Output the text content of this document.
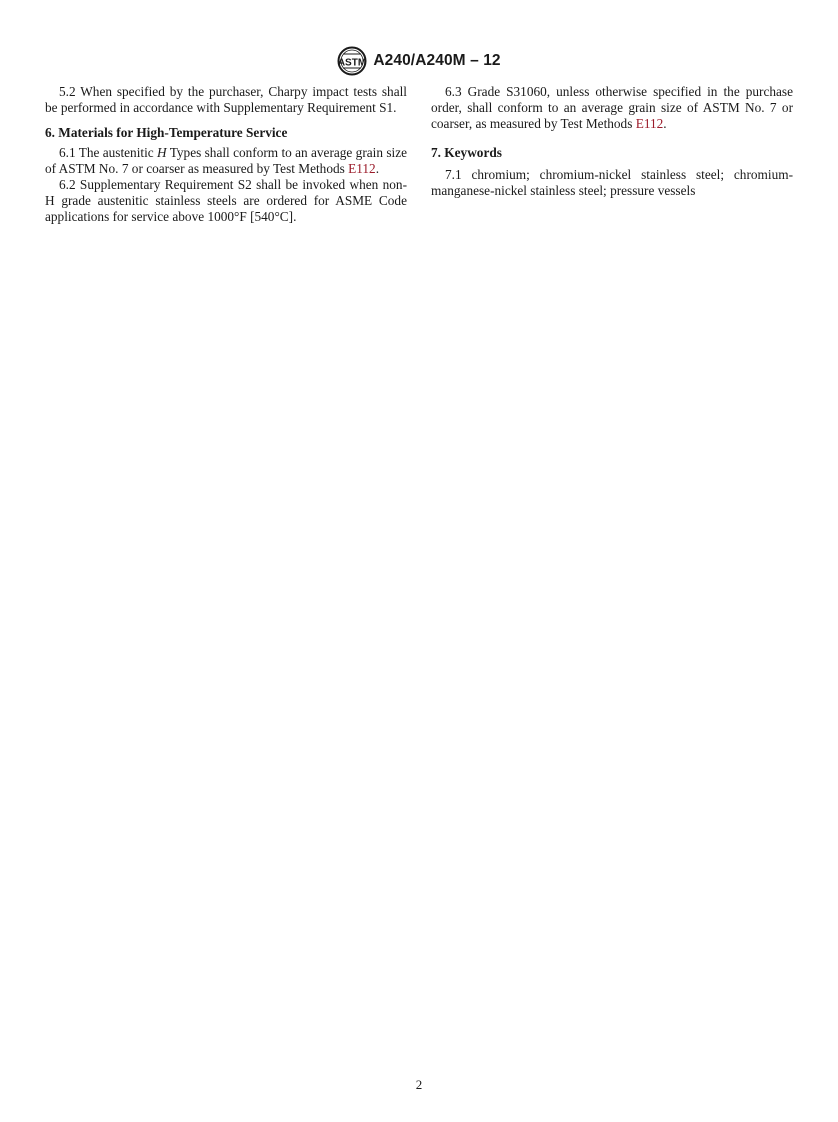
ASTM A240/A240M – 12

5.2 When specified by the purchaser, Charpy impact tests shall be performed in accordance with Supplementary Requirement S1.

6. Materials for High-Temperature Service

6.1 The austenitic H Types shall conform to an average grain size of ASTM No. 7 or coarser as measured by Test Methods E112.

6.2 Supplementary Requirement S2 shall be invoked when non-H grade austenitic stainless steels are ordered for ASME Code applications for service above 1000°F [540°C].

6.3 Grade S31060, unless otherwise specified in the purchase order, shall conform to an average grain size of ASTM No. 7 or coarser, as measured by Test Methods E112.

7. Keywords

7.1 chromium; chromium-nickel stainless steel; chromium-manganese-nickel stainless steel; pressure vessels

2
